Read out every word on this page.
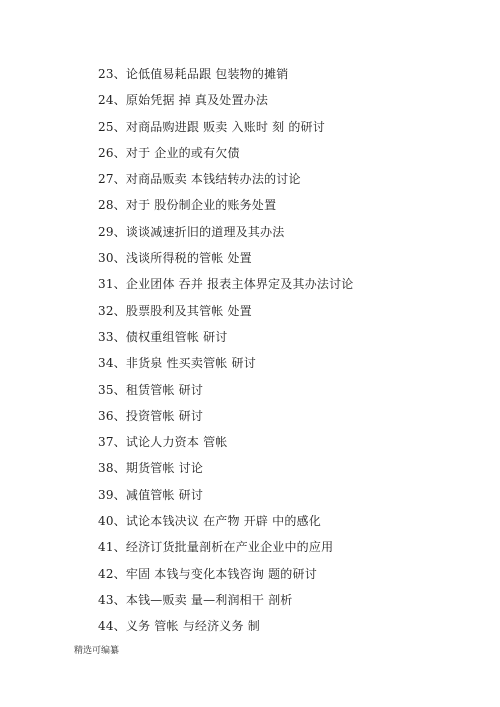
23、论低值易耗品跟 包装物的摊销
24、原始凭据 掉 真及处置办法
25、对商品购进跟 贩卖 入账时 刻 的研讨
26、对于 企业的或有欠债
27、对商品贩卖 本钱结转办法的讨论
28、对于 股份制企业的账务处置
29、谈谈减速折旧的道理及其办法
30、浅谈所得税的管帐 处置
31、企业团体 吞并 报表主体界定及其办法讨论
32、股票股利及其管帐 处置
33、债权重组管帐 研讨
34、非货泉 性买卖管帐 研讨
35、租赁管帐 研讨
36、投资管帐 研讨
37、试论人力资本 管帐
38、期货管帐 讨论
39、减值管帐 研讨
40、试论本钱决议 在产物 开辟 中的感化
41、经济订货批量剖析在产业企业中的应用
42、牢固 本钱与变化本钱咨询 题的研讨
43、本钱—贩卖 量—利润相干 剖析
44、义务 管帐 与经济义务 制
精选可编纂
